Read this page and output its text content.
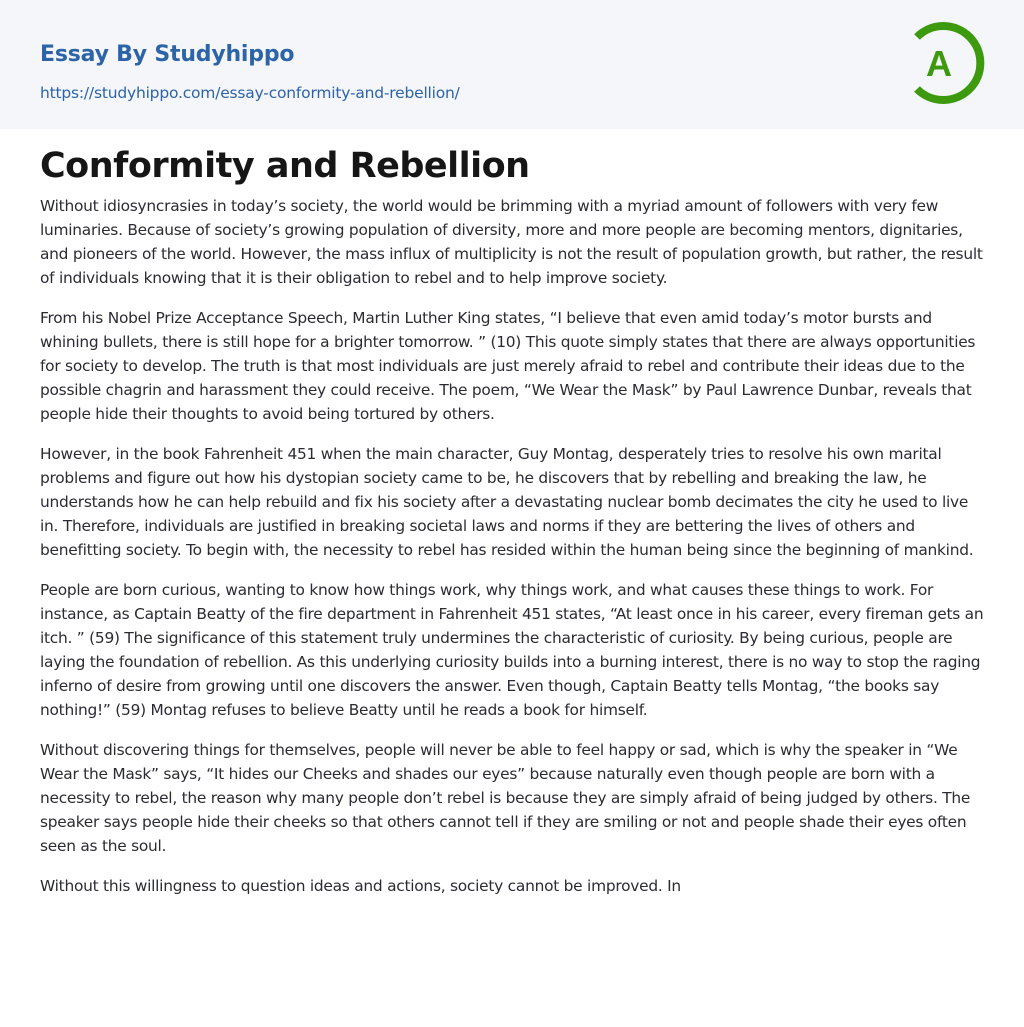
Essay By Studyhippo
https://studyhippo.com/essay-conformity-and-rebellion/
A
Conformity and Rebellion

Without idiosyncrasies in today’s society, the world would be brimming with a myriad amount of followers with very few luminaries. Because of society’s growing population of diversity, more and more people are becoming mentors, dignitaries, and pioneers of the world. However, the mass influx of multiplicity is not the result of population growth, but rather, the result of individuals knowing that it is their obligation to rebel and to help improve society.

From his Nobel Prize Acceptance Speech, Martin Luther King states, “I believe that even amid today’s motor bursts and whining bullets, there is still hope for a brighter tomorrow. ” (10) This quote simply states that there are always opportunities for society to develop. The truth is that most individuals are just merely afraid to rebel and contribute their ideas due to the possible chagrin and harassment they could receive. The poem, “We Wear the Mask” by Paul Lawrence Dunbar, reveals that people hide their thoughts to avoid being tortured by others.

However, in the book Fahrenheit 451 when the main character, Guy Montag, desperately tries to resolve his own marital problems and figure out how his dystopian society came to be, he discovers that by rebelling and breaking the law, he understands how he can help rebuild and fix his society after a devastating nuclear bomb decimates the city he used to live in. Therefore, individuals are justified in breaking societal laws and norms if they are bettering the lives of others and benefitting society. To begin with, the necessity to rebel has resided within the human being since the beginning of mankind.

People are born curious, wanting to know how things work, why things work, and what causes these things to work. For instance, as Captain Beatty of the fire department in Fahrenheit 451 states, “At least once in his career, every fireman gets an itch. ” (59) The significance of this statement truly undermines the characteristic of curiosity. By being curious, people are laying the foundation of rebellion. As this underlying curiosity builds into a burning interest, there is no way to stop the raging inferno of desire from growing until one discovers the answer. Even though, Captain Beatty tells Montag, “the books say nothing!” (59) Montag refuses to believe Beatty until he reads a book for himself.

Without discovering things for themselves, people will never be able to feel happy or sad, which is why the speaker in “We Wear the Mask” says, “It hides our Cheeks and shades our eyes” because naturally even though people are born with a necessity to rebel, the reason why many people don’t rebel is because they are simply afraid of being judged by others. The speaker says people hide their cheeks so that others cannot tell if they are smiling or not and people shade their eyes often seen as the soul.

Without this willingness to question ideas and actions, society cannot be improved. In
